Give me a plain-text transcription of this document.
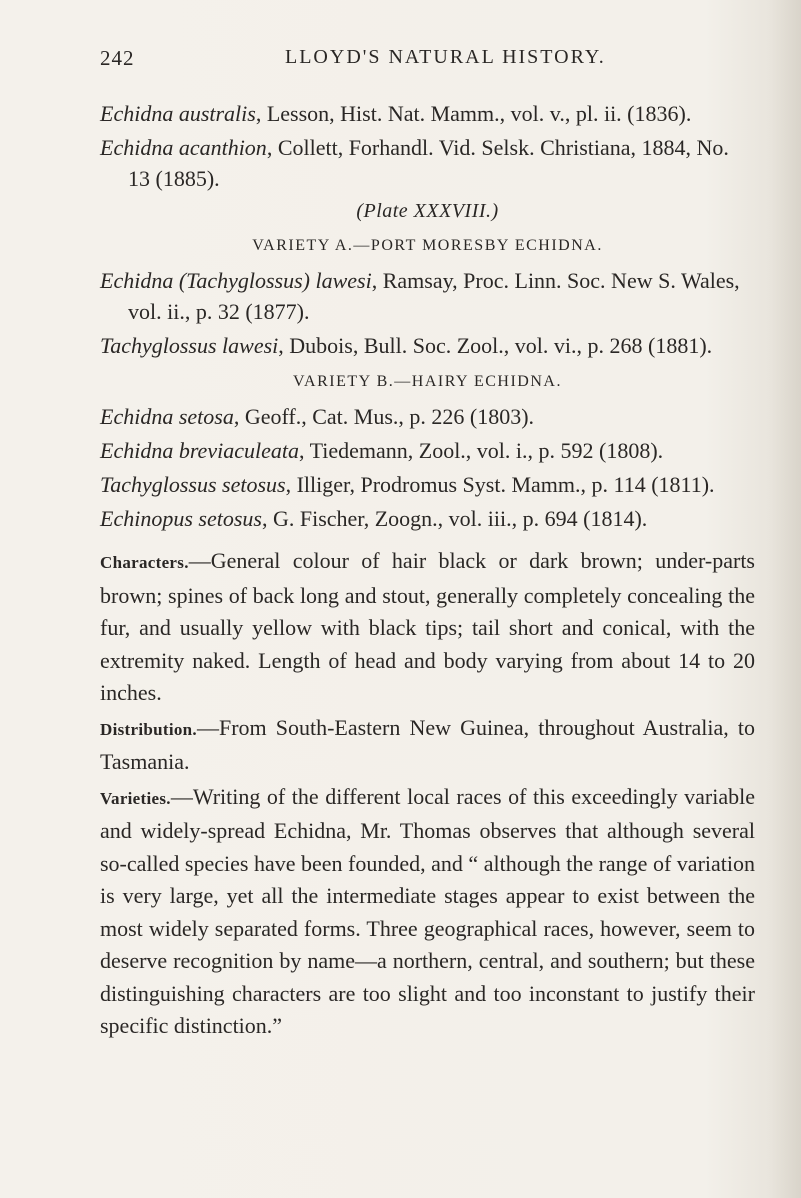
242	LLOYD'S NATURAL HISTORY.

Echidna australis, Lesson, Hist. Nat. Mamm., vol. v., pl. ii. (1836).

Echidna acanthion, Collett, Forhandl. Vid. Selsk. Christiana, 1884, No. 13 (1885).

(Plate XXXVIII.)
VARIETY A.—PORT MORESBY ECHIDNA.

Echidna (Tachyglossus) lawesi, Ramsay, Proc. Linn. Soc. New S. Wales, vol. ii., p. 32 (1877).

Tachyglossus lawesi, Dubois, Bull. Soc. Zool., vol. vi., p. 268 (1881).

VARIETY B.—HAIRY ECHIDNA.

Echidna setosa, Geoff., Cat. Mus., p. 226 (1803).

Echidna breviaculeata, Tiedemann, Zool., vol. i., p. 592 (1808).

Tachyglossus setosus, Illiger, Prodromus Syst. Mamm., p. 114 (1811).

Echinopus setosus, G. Fischer, Zoogn., vol. iii., p. 694 (1814).

Characters.—General colour of hair black or dark brown; under-parts brown; spines of back long and stout, generally completely concealing the fur, and usually yellow with black tips; tail short and conical, with the extremity naked. Length of head and body varying from about 14 to 20 inches.

Distribution.—From South-Eastern New Guinea, throughout Australia, to Tasmania.

Varieties.—Writing of the different local races of this exceedingly variable and widely-spread Echidna, Mr. Thomas observes that although several so-called species have been founded, and “ although the range of variation is very large, yet all the intermediate stages appear to exist between the most widely separated forms. Three geographical races, however, seem to deserve recognition by name—a northern, central, and southern; but these distinguishing characters are too slight and too inconstant to justify their specific distinction.”
